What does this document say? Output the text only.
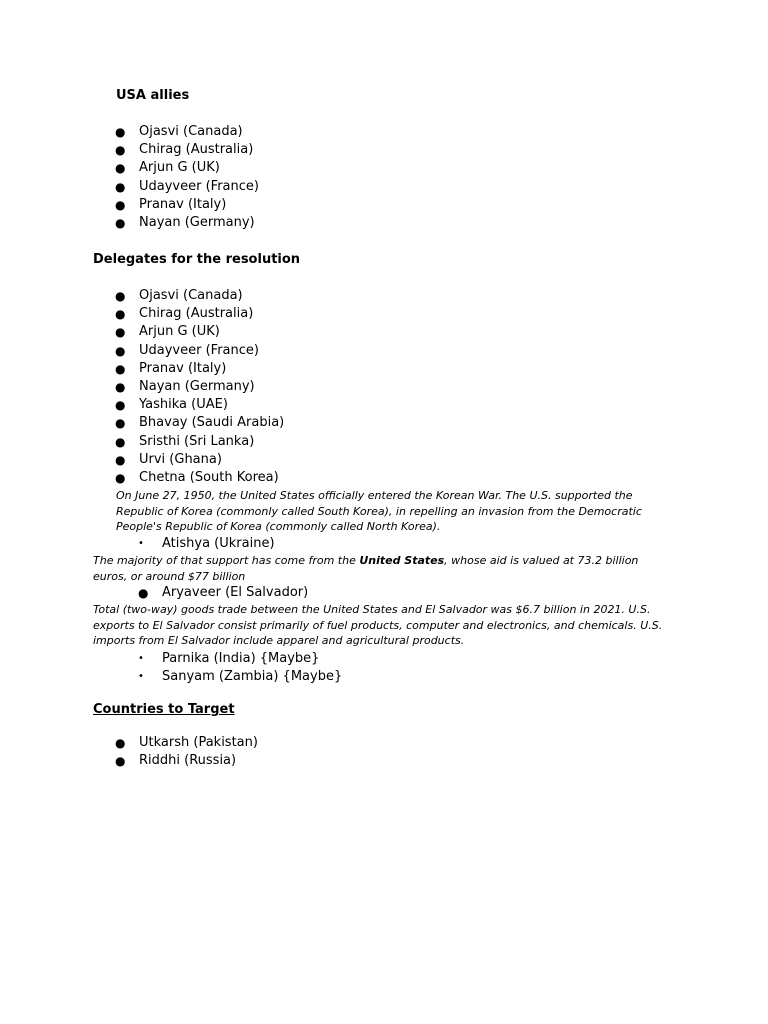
USA allies
● Ojasvi (Canada)
● Chirag (Australia)
● Arjun G (UK)
● Udayveer (France)
● Pranav (Italy)
● Nayan (Germany)
Delegates for the resolution
● Ojasvi (Canada)
● Chirag (Australia)
● Arjun G (UK)
● Udayveer (France)
● Pranav (Italy)
● Nayan (Germany)
● Yashika (UAE)
● Bhavay (Saudi Arabia)
● Sristhi (Sri Lanka)
● Urvi (Ghana)
● Chetna (South Korea)
On June 27, 1950, the United States officially entered the Korean War. The U.S. supported the Republic of Korea (commonly called South Korea), in repelling an invasion from the Democratic People's Republic of Korea (commonly called North Korea).
• Atishya (Ukraine)
The majority of that support has come from the United States, whose aid is valued at 73.2 billion euros, or around $77 billion
● Aryaveer (El Salvador)
Total (two-way) goods trade between the United States and El Salvador was $6.7 billion in 2021. U.S. exports to El Salvador consist primarily of fuel products, computer and electronics, and chemicals. U.S. imports from El Salvador include apparel and agricultural products.
• Parnika (India) {Maybe}
• Sanyam (Zambia) {Maybe}
Countries to Target
● Utkarsh (Pakistan)
● Riddhi (Russia)
